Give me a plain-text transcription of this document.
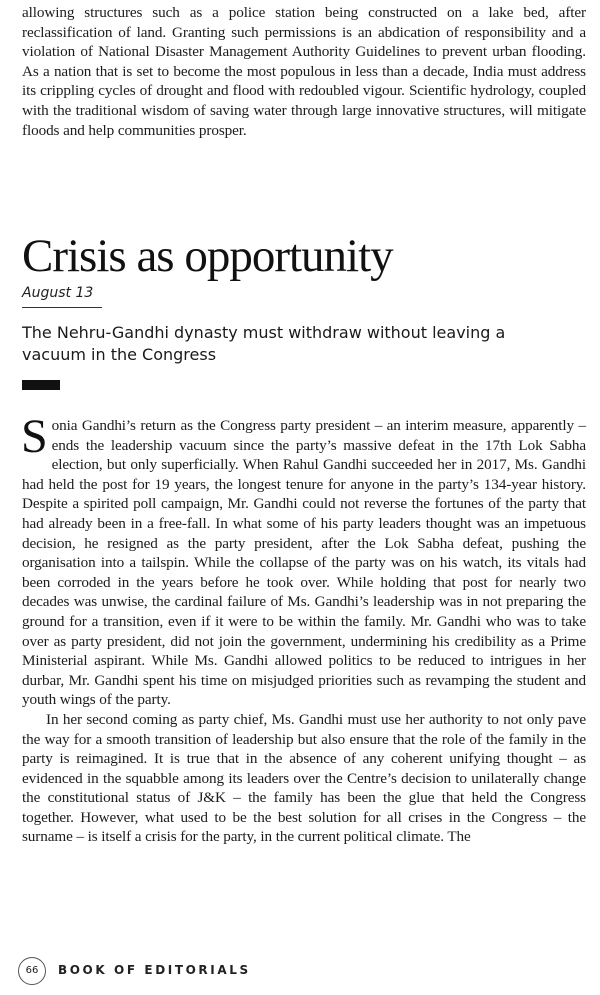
allowing structures such as a police station being constructed on a lake bed, after reclassification of land. Granting such permissions is an abdication of responsibility and a violation of National Disaster Management Authority Guidelines to prevent urban flooding. As a nation that is set to become the most populous in less than a decade, India must address its crippling cycles of drought and flood with redoubled vigour. Scientific hydrology, coupled with the traditional wisdom of saving water through large innovative structures, will mitigate floods and help communities prosper.

Crisis as opportunity
August 13

The Nehru-Gandhi dynasty must withdraw without leaving a vacuum in the Congress

Sonia Gandhi’s return as the Congress party president – an interim measure, apparently – ends the leadership vacuum since the party’s massive defeat in the 17th Lok Sabha election, but only superficially. When Rahul Gandhi succeeded her in 2017, Ms. Gandhi had held the post for 19 years, the longest tenure for anyone in the party’s 134-year history. Despite a spirited poll campaign, Mr. Gandhi could not reverse the fortunes of the party that had already been in a free-fall. In what some of his party leaders thought was an impetuous decision, he resigned as the party president, after the Lok Sabha defeat, pushing the organisation into a tailspin. While the collapse of the party was on his watch, its vitals had been corroded in the years before he took over. While holding that post for nearly two decades was unwise, the cardinal failure of Ms. Gandhi’s leadership was in not preparing the ground for a transition, even if it were to be within the family. Mr. Gandhi who was to take over as party president, did not join the government, undermining his credibility as a Prime Ministerial aspirant. While Ms. Gandhi allowed politics to be reduced to intrigues in her durbar, Mr. Gandhi spent his time on misjudged priorities such as revamping the student and youth wings of the party.

In her second coming as party chief, Ms. Gandhi must use her authority to not only pave the way for a smooth transition of leadership but also ensure that the role of the family in the party is reimagined. It is true that in the absence of any coherent unifying thought – as evidenced in the squabble among its leaders over the Centre’s decision to unilaterally change the constitutional status of J&K – the family has been the glue that held the Congress together. However, what used to be the best solution for all crises in the Congress – the surname – is itself a crisis for the party, in the current political climate. The

66	BOOK OF EDITORIALS
